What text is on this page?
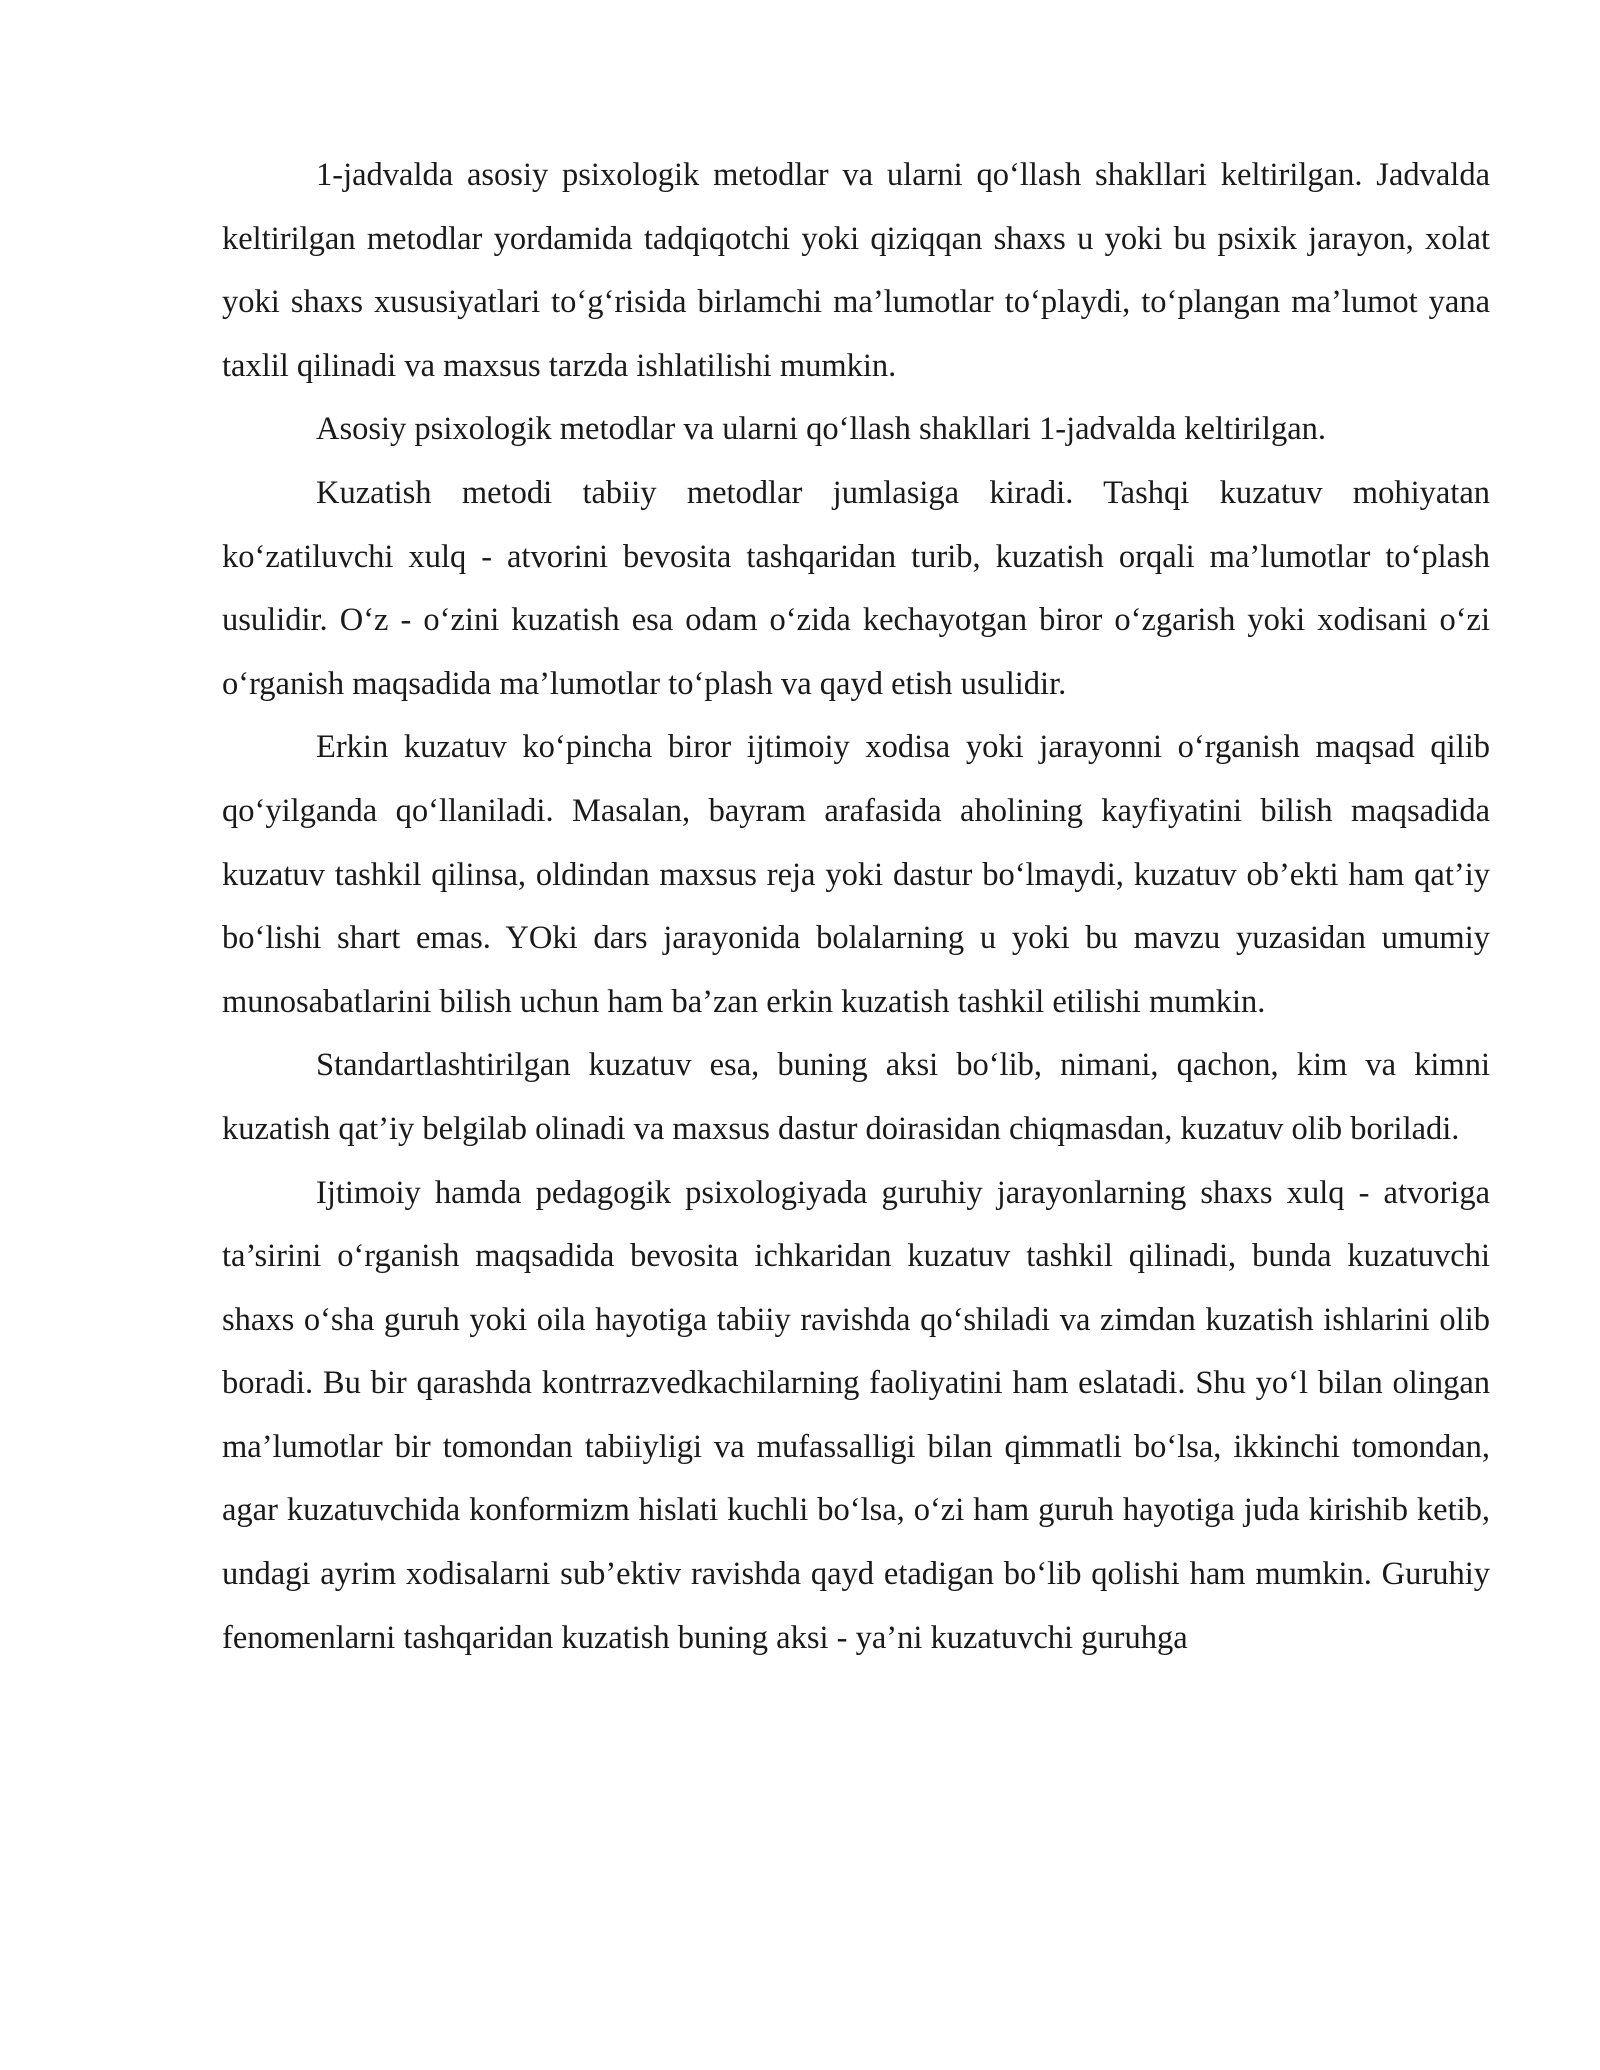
1-jadvalda asosiy psixologik metodlar va ularni qo‘llash shakllari keltirilgan. Jadvalda keltirilgan metodlar yordamida tadqiqotchi yoki qiziqqan shaxs u yoki bu psixik jarayon, xolat yoki shaxs xususiyatlari to‘g‘risida birlamchi ma’lumotlar to‘playdi, to‘plangan ma’lumot yana taxlil qilinadi va maxsus tarzda ishlatilishi mumkin.

Asosiy psixologik metodlar va ularni qo‘llash shakllari 1-jadvalda keltirilgan.

Kuzatish metodi tabiiy metodlar jumlasiga kiradi. Tashqi kuzatuv mohiyatan ko‘zatiluvchi xulq - atvorini bevosita tashqaridan turib, kuzatish orqali ma’lumotlar to‘plash usulidir. O‘z - o‘zini kuzatish esa odam o‘zida kechayotgan biror o‘zgarish yoki xodisani o‘zi o‘rganish maqsadida ma’lumotlar to‘plash va qayd etish usulidir.

Erkin kuzatuv ko‘pincha biror ijtimoiy xodisa yoki jarayonni o‘rganish maqsad qilib qo‘yilganda qo‘llaniladi. Masalan, bayram arafasida aholining kayfiyatini bilish maqsadida kuzatuv tashkil qilinsa, oldindan maxsus reja yoki dastur bo‘lmaydi, kuzatuv ob’ekti ham qat’iy bo‘lishi shart emas. YOki dars jarayonida bolalarning u yoki bu mavzu yuzasidan umumiy munosabatlarini bilish uchun ham ba’zan erkin kuzatish tashkil etilishi mumkin.

Standartlashtirilgan kuzatuv esa, buning aksi bo‘lib, nimani, qachon, kim va kimni kuzatish qat’iy belgilab olinadi va maxsus dastur doirasidan chiqmasdan, kuzatuv olib boriladi.

Ijtimoiy hamda pedagogik psixologiyada guruhiy jarayonlarning shaxs xulq - atvoriga ta’sirini o‘rganish maqsadida bevosita ichkaridan kuzatuv tashkil qilinadi, bunda kuzatuvchi shaxs o‘sha guruh yoki oila hayotiga tabiiy ravishda qo‘shiladi va zimdan kuzatish ishlarini olib boradi. Bu bir qarashda kontrrazvedkachilarning faoliyatini ham eslatadi. Shu yo‘l bilan olingan ma’lumotlar bir tomondan tabiiyligi va mufassalligi bilan qimmatli bo‘lsa, ikkinchi tomondan, agar kuzatuvchida konformizm hislati kuchli bo‘lsa, o‘zi ham guruh hayotiga juda kirishib ketib, undagi ayrim xodisalarni sub’ektiv ravishda qayd etadigan bo‘lib qolishi ham mumkin. Guruhiy fenomenlarni tashqaridan kuzatish buning aksi - ya’ni kuzatuvchi guruhga
